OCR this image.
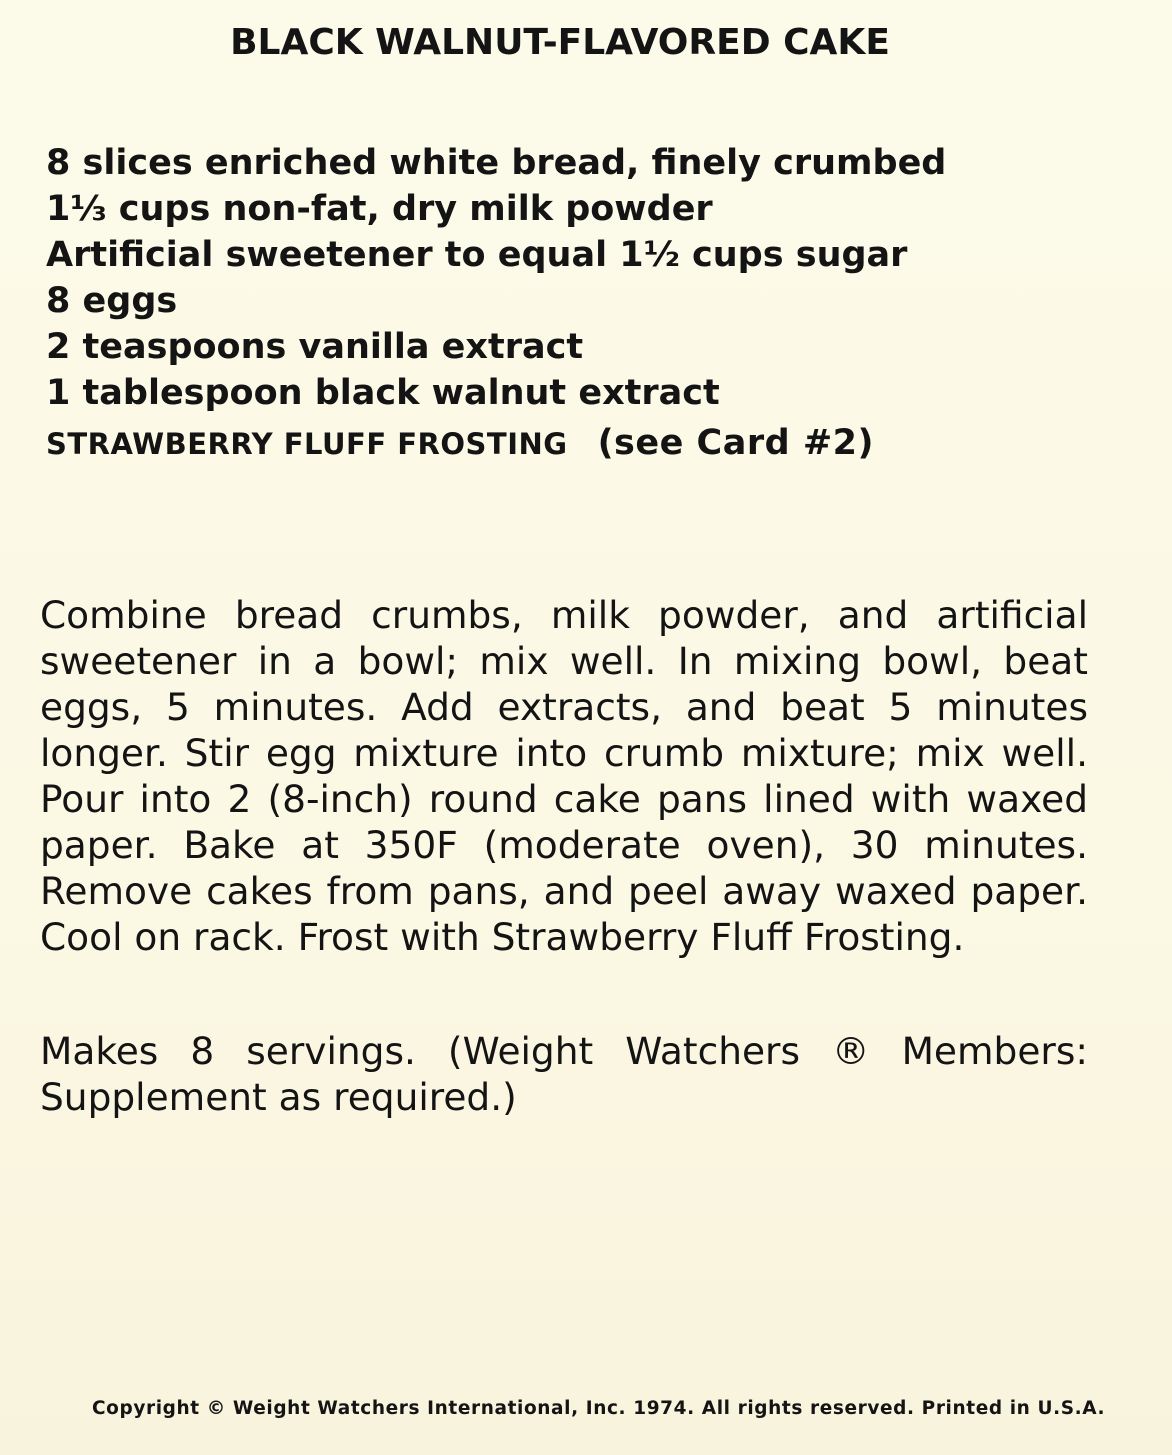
BLACK WALNUT-FLAVORED CAKE
8 slices enriched white bread, finely crumbed
1⅓ cups non-fat, dry milk powder
Artificial sweetener to equal 1½ cups sugar
8 eggs
2 teaspoons vanilla extract
1 tablespoon black walnut extract
STRAWBERRY FLUFF FROSTING (see Card #2)

Combine bread crumbs, milk powder, and artificial sweetener in a bowl; mix well. In mixing bowl, beat eggs, 5 minutes. Add extracts, and beat 5 minutes longer. Stir egg mixture into crumb mixture; mix well. Pour into 2 (8-inch) round cake pans lined with waxed paper. Bake at 350F (moderate oven), 30 minutes. Remove cakes from pans, and peel away waxed paper. Cool on rack. Frost with Strawberry Fluff Frosting.

Makes 8 servings. (Weight Watchers ® Members: Supplement as required.)

Copyright © Weight Watchers International, Inc. 1974. All rights reserved. Printed in U.S.A.
